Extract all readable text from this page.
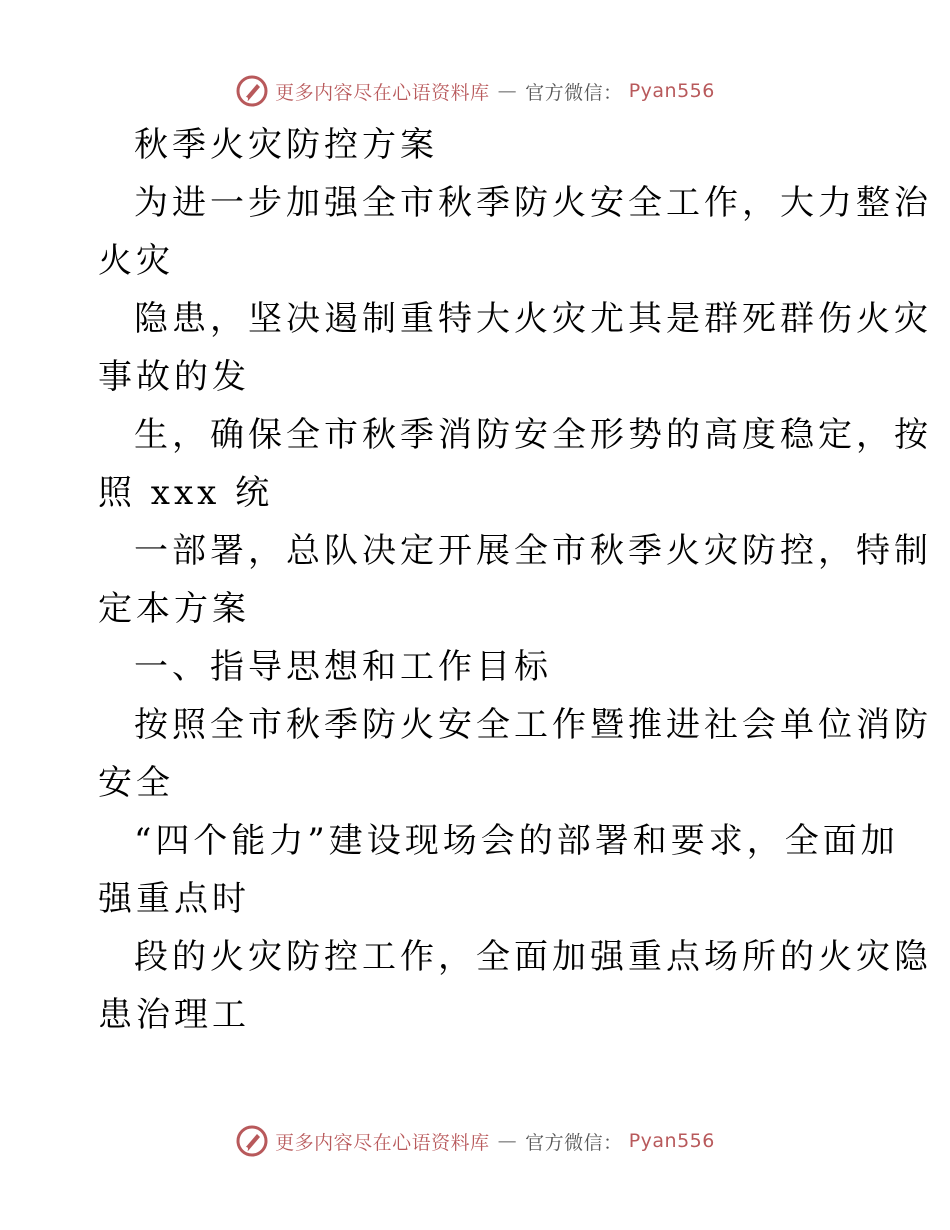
更多内容尽在心语资料库 — 官方微信： Pyan556
秋季火灾防控方案
为进一步加强全市秋季防火安全工作，大力整治
火灾
隐患，坚决遏制重特大火灾尤其是群死群伤火灾
事故的发
生，确保全市秋季消防安全形势的高度稳定，按
照 xxx 统
一部署，总队决定开展全市秋季火灾防控，特制
定本方案
一、指导思想和工作目标
按照全市秋季防火安全工作暨推进社会单位消防
安全
“四个能力”建设现场会的部署和要求，全面加
强重点时
段的火灾防控工作，全面加强重点场所的火灾隐
患治理工
更多内容尽在心语资料库 — 官方微信： Pyan556
